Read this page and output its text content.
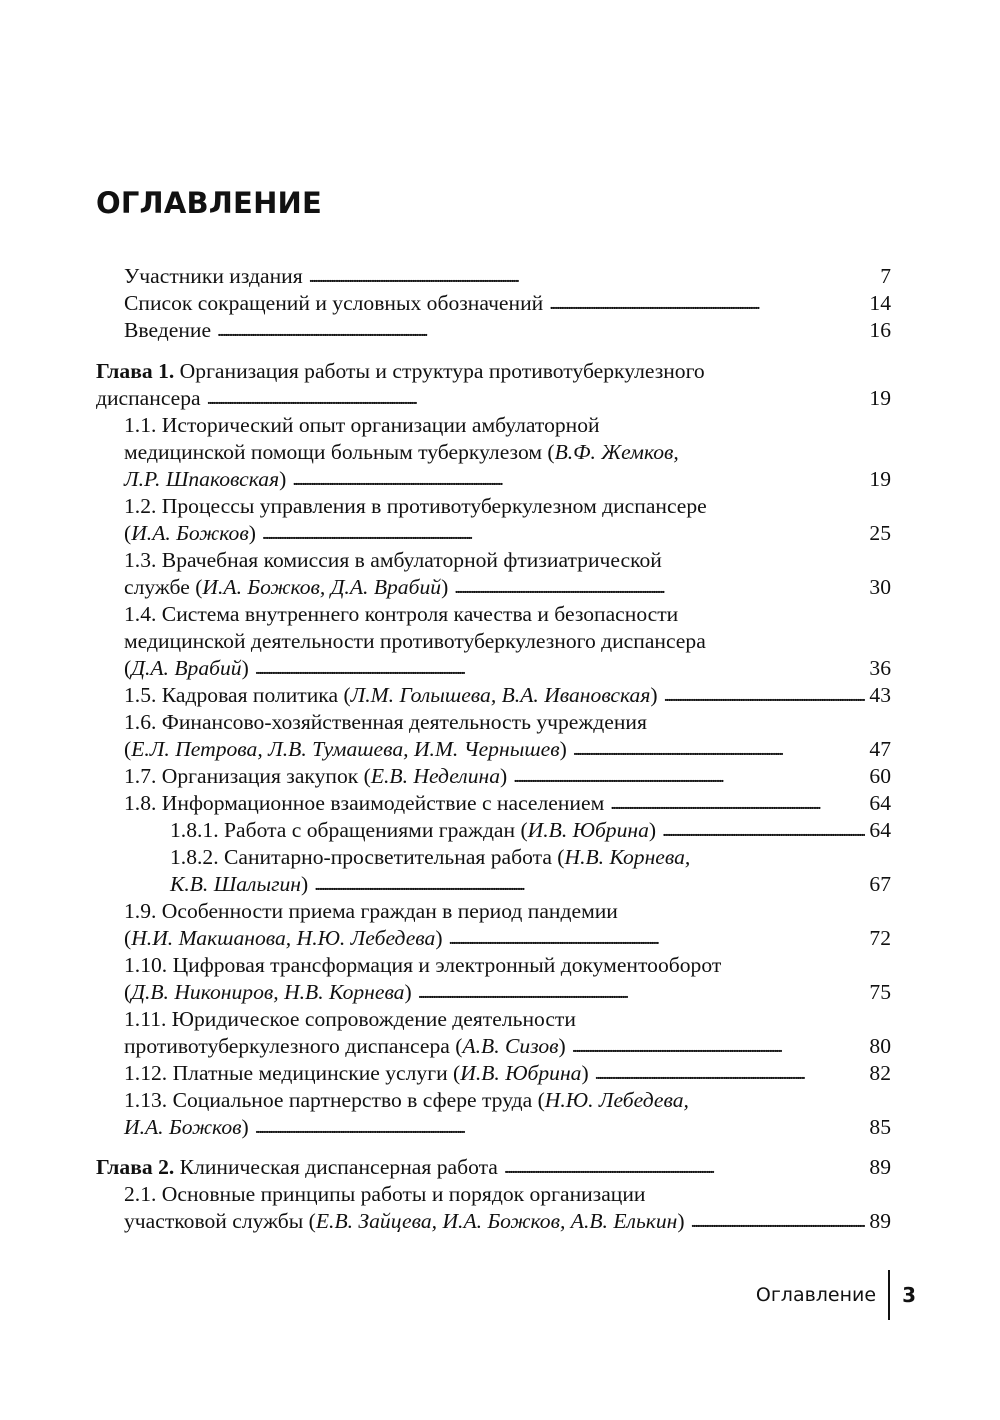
ОГЛАВЛЕНИЕ
Участники издания . . .	7
Список сокращений и условных обозначений . . .	14
Введение . . .	16
Глава 1. Организация работы и структура противотуберкулезного
диспансера . . .	19
1.1. Исторический опыт организации амбулаторной
медицинской помощи больным туберкулезом (В.Ф. Жемков,
Л.Р. Шпаковская) . . .	19
1.2. Процессы управления в противотуберкулезном диспансере
(И.А. Божков) . . .	25
1.3. Врачебная комиссия в амбулаторной фтизиатрической
службе (И.А. Божков, Д.А. Врабий) . . .	30
1.4. Система внутреннего контроля качества и безопасности
медицинской деятельности противотуберкулезного диспансера
(Д.А. Врабий) . . .	36
1.5. Кадровая политика (Л.М. Голышева, В.А. Ивановская) . . .	43
1.6. Финансово-хозяйственная деятельность учреждения
(Е.Л. Петрова, Л.В. Тумашева, И.М. Чернышев) . . .	47
1.7. Организация закупок (Е.В. Неделина) . . .	60
1.8. Информационное взаимодействие с населением . . .	64
1.8.1. Работа с обращениями граждан (И.В. Юбрина) . . .	64
1.8.2. Санитарно-просветительная работа (Н.В. Корнева,
К.В. Шалыгин) . . .	67
1.9. Особенности приема граждан в период пандемии
(Н.И. Макшанова, Н.Ю. Лебедева) . . .	72
1.10. Цифровая трансформация и электронный документооборот
(Д.В. Никониров, Н.В. Корнева) . . .	75
1.11. Юридическое сопровождение деятельности
противотуберкулезного диспансера (А.В. Сизов) . . .	80
1.12. Платные медицинские услуги (И.В. Юбрина) . . .	82
1.13. Социальное партнерство в сфере труда (Н.Ю. Лебедева,
И.А. Божков) . . .	85
Глава 2. Клиническая диспансерная работа . . .	89
2.1. Основные принципы работы и порядок организации
участковой службы (Е.В. Зайцева, И.А. Божков, А.В. Елькин) . . .	89
Оглавление	3
